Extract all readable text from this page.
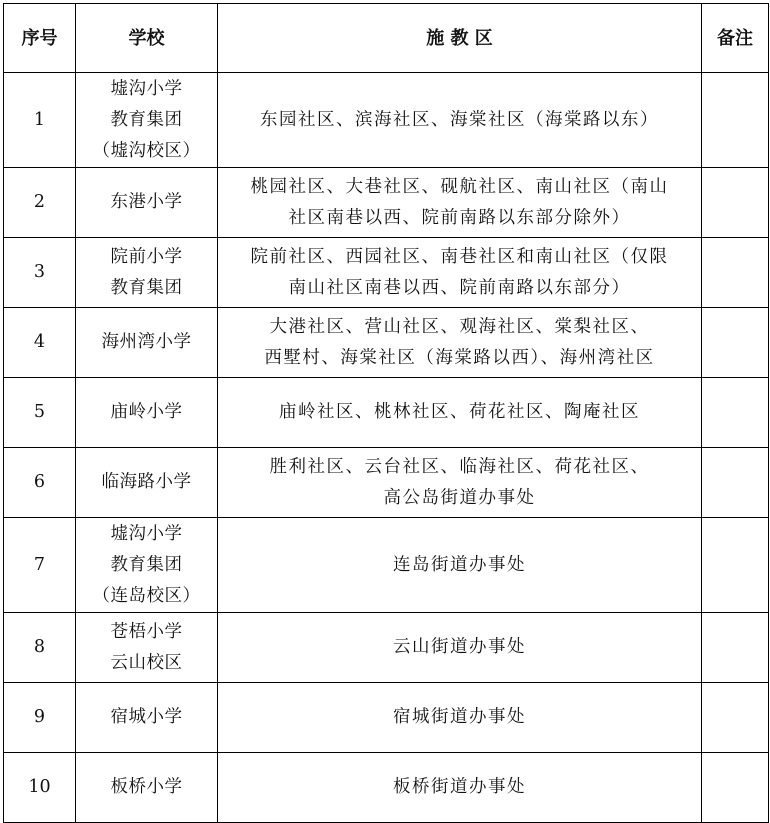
序号	学校	施 教 区	备注
1	墟沟小学
教育集团
（墟沟校区）	东园社区、滨海社区、海棠社区（海棠路以东）	

2	东港小学	桃园社区、大巷社区、砚航社区、南山社区（南山
社区南巷以西、院前南路以东部分除外）	

3	院前小学
教育集团	院前社区、西园社区、南巷社区和南山社区（仅限
南山社区南巷以西、院前南路以东部分）	

4	海州湾小学	大港社区、营山社区、观海社区、棠梨社区、
西墅村、海棠社区（海棠路以西）、海州湾社区	

5	庙岭小学	庙岭社区、桃林社区、荷花社区、陶庵社区	

6	临海路小学	胜利社区、云台社区、临海社区、荷花社区、
高公岛街道办事处	

7	墟沟小学
教育集团
（连岛校区）	连岛街道办事处	

8	苍梧小学
云山校区	云山街道办事处	

9	宿城小学	宿城街道办事处	

10	板桥小学	板桥街道办事处	
